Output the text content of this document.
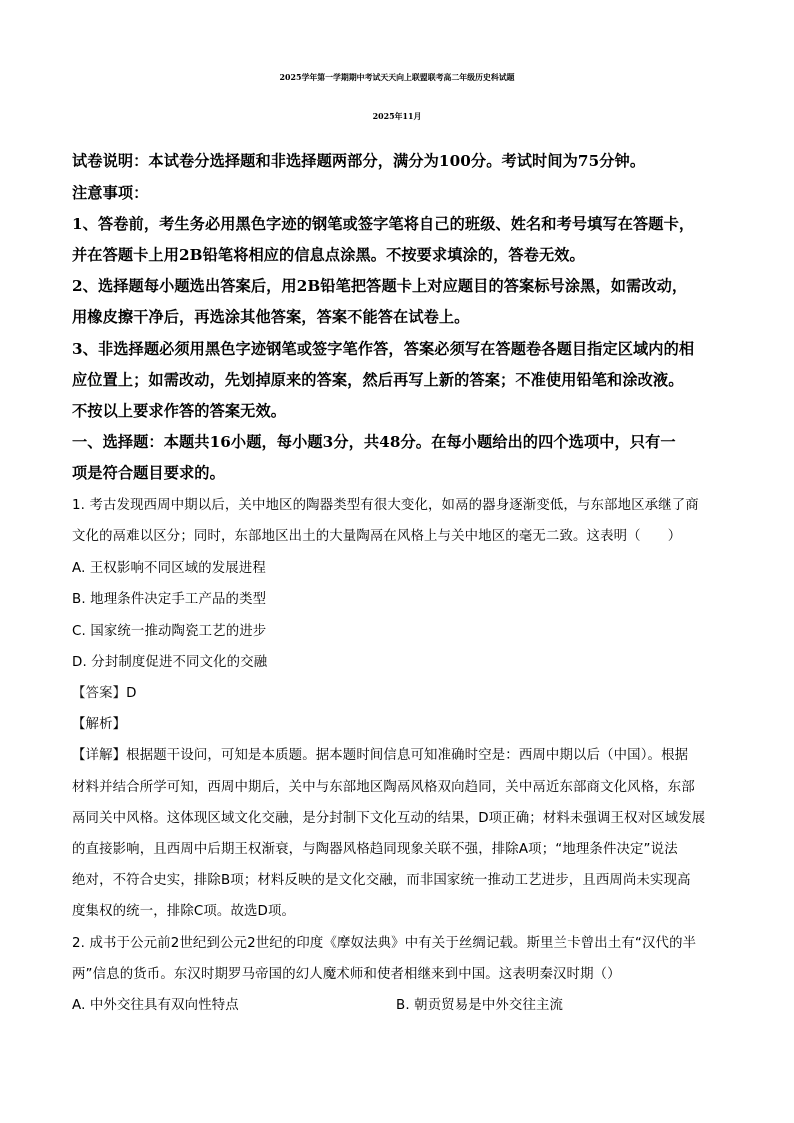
2025学年第一学期期中考试天天向上联盟联考高二年级历史科试题
2025年11月
试卷说明：本试卷分选择题和非选择题两部分，满分为100分。考试时间为75分钟。
注意事项：
1、答卷前，考生务必用黑色字迹的钢笔或签字笔将自己的班级、姓名和考号填写在答题卡，
并在答题卡上用2B铅笔将相应的信息点涂黑。不按要求填涂的，答卷无效。
2、选择题每小题选出答案后，用2B铅笔把答题卡上对应题目的答案标号涂黑，如需改动，
用橡皮擦干净后，再选涂其他答案，答案不能答在试卷上。
3、非选择题必须用黑色字迹钢笔或签字笔作答，答案必须写在答题卷各题目指定区域内的相
应位置上；如需改动，先划掉原来的答案，然后再写上新的答案；不准使用铅笔和涂改液。
不按以上要求作答的答案无效。
一、选择题：本题共16小题，每小题3分，共48分。在每小题给出的四个选项中，只有一
项是符合题目要求的。
1. 考古发现西周中期以后，关中地区的陶器类型有很大变化，如鬲的器身逐渐变低，与东部地区承继了商
文化的鬲难以区分；同时，东部地区出土的大量陶鬲在风格上与关中地区的毫无二致。这表明（　　）
A. 王权影响不同区域的发展进程
B. 地理条件决定手工产品的类型
C. 国家统一推动陶瓷工艺的进步
D. 分封制度促进不同文化的交融
【答案】D
【解析】
【详解】根据题干设问，可知是本质题。据本题时间信息可知准确时空是：西周中期以后（中国）。根据
材料并结合所学可知，西周中期后，关中与东部地区陶鬲风格双向趋同，关中鬲近东部商文化风格，东部
鬲同关中风格。这体现区域文化交融，是分封制下文化互动的结果，D项正确；材料未强调王权对区域发展
的直接影响，且西周中后期王权渐衰，与陶器风格趋同现象关联不强，排除A项；“地理条件决定”说法
绝对，不符合史实，排除B项；材料反映的是文化交融，而非国家统一推动工艺进步，且西周尚未实现高
度集权的统一，排除C项。故选D项。
2. 成书于公元前2世纪到公元2世纪的印度《摩奴法典》中有关于丝绸记载。斯里兰卡曾出土有“汉代的半
两”信息的货币。东汉时期罗马帝国的幻人魔术师和使者相继来到中国。这表明秦汉时期（）
A. 中外交往具有双向性特点	B. 朝贡贸易是中外交往主流
